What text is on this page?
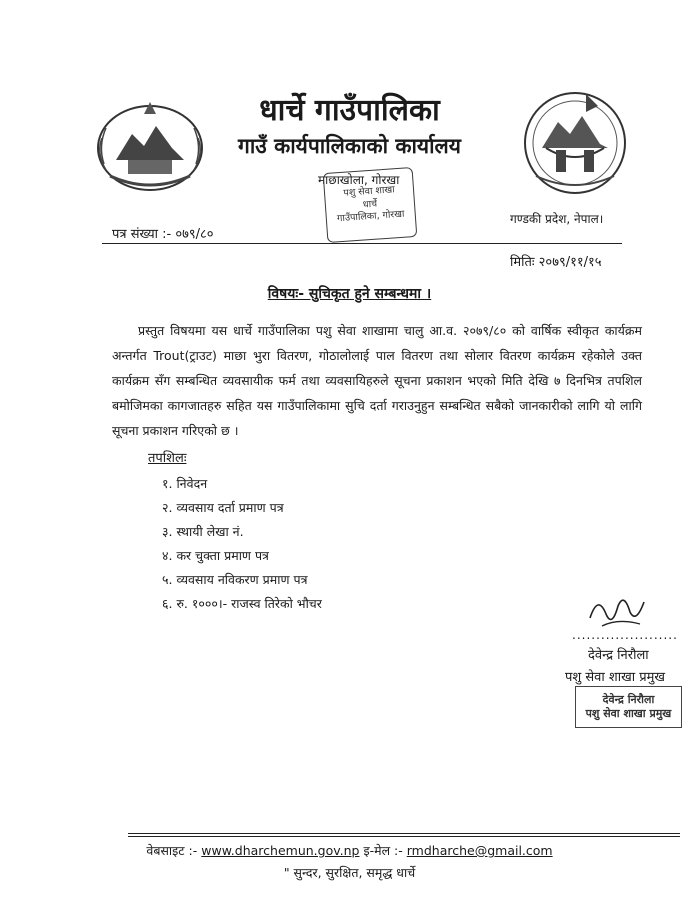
धार्चे गाउँपालिका
गाउँ कार्यपालिकाको कार्यालय
माछाखोला, गोरखा
पशु सेवा शाखा
धार्चे
गाउँपालिका, गोरखा
पत्र संख्या :- ०७९/८०
गण्डकी प्रदेश, नेपाल।
मितिः २०७९/११/१५
विषयः- सुचिकृत हुने सम्बन्धमा ।
प्रस्तुत विषयमा यस धार्चे गाउँपालिका पशु सेवा शाखामा चालु आ.व. २०७९/८० को वार्षिक स्वीकृत कार्यक्रम अन्तर्गत Trout(ट्राउट) माछा भुरा वितरण, गोठालोलाई पाल वितरण तथा सोलार वितरण कार्यक्रम रहेकोले उक्त कार्यक्रम सँग सम्बन्धित व्यवसायीक फर्म तथा व्यवसायिहरुले सूचना प्रकाशन भएको मिति देखि ७ दिनभित्र तपशिल बमोजिमका कागजातहरु सहित यस गाउँपालिकामा सुचि दर्ता गराउनुहुन सम्बन्धित सबैको जानकारीको लागि यो लागि सूचना प्रकाशन गरिएको छ ।
तपशिलः
१. निवेदन
२. व्यवसाय दर्ता प्रमाण पत्र
३. स्थायी लेखा नं.
४. कर चुक्ता प्रमाण पत्र
५. व्यवसाय नविकरण प्रमाण पत्र
६. रु. १०००।- राजस्व तिरेको भौचर
......................
देवेन्द्र निरौला
पशु सेवा शाखा प्रमुख
देवेन्द्र निरौला
पशु सेवा शाखा प्रमुख
वेबसाइट :- www.dharchemun.gov.np इ-मेल :- rmdharche@gmail.com
" सुन्दर, सुरक्षित, समृद्ध धार्चे
